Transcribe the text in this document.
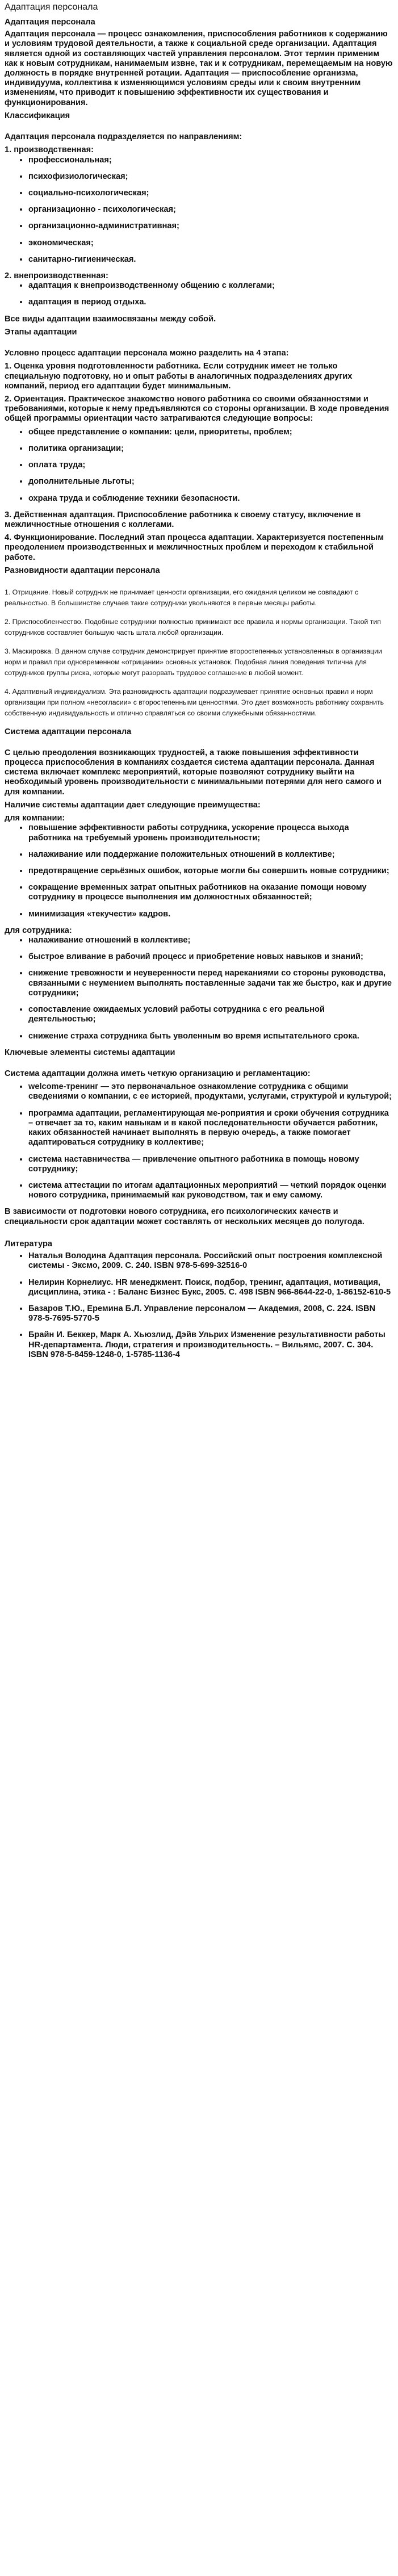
Адаптация персонала
Адаптация персонала

Адаптация персонала — процесс ознакомления, приспособления работников к содержанию и условиям трудовой деятельности, а также к социальной среде организации. Адаптация является одной из составляющих частей управления персоналом. Этот термин применим как к новым сотрудникам, нанимаемым извне, так и к сотрудникам, перемещаемым на новую должность в порядке внутренней ротации. Адаптация — приспособление организма, индивидуума, коллектива к изменяющимся условиям среды или к своим внутренним изменениям, что приводит к повышению эффективности их существования и функционирования.

Классификация

Адаптация персонала подразделяется по направлениям:

1. производственная:
• профессиональная;
• психофизиологическая;
• социально-психологическая;
• организационно - психологическая;
• организационно-административная;
• экономическая;
• санитарно-гигиеническая.
2. внепроизводственная:
• адаптация к внепроизводственному общению с коллегами;
• адаптация в период отдыха.

Все виды адаптации взаимосвязаны между собой.

Этапы адаптации

Условно процесс адаптации персонала можно разделить на 4 этапа:

1. Оценка уровня подготовленности работника. Если сотрудник имеет не только специальную подготовку, но и опыт работы в аналогичных подразделениях других компаний, период его адаптации будет минимальным.

2. Ориентация. Практическое знакомство нового работника со своими обязанностями и требованиями, которые к нему предъявляются со стороны организации. В ходе проведения общей программы ориентации часто затрагиваются следующие вопросы:

• общее представление о компании: цели, приоритеты, проблем;
• политика организации;
• оплата труда;
• дополнительные льготы;
• охрана труда и соблюдение техники безопасности.

3. Действенная адаптация. Приспособление работника к своему статусу, включение в межличностные отношения с коллегами.

4. Функционирование. Последний этап процесса адаптации. Характеризуется постепенным преодолением производственных и межличностных проблем и переходом к стабильной работе.

Разновидности адаптации персонала

1. Отрицание. Новый сотрудник не принимает ценности организации, его ожидания целиком не совпадают с реальностью. В большинстве случаев такие сотрудники увольняются в первые месяцы работы.

2. Приспособленчество. Подобные сотрудники полностью принимают все правила и нормы организации. Такой тип сотрудников составляет большую часть штата любой организации.

3. Маскировка. В данном случае сотрудник демонстрирует принятие второстепенных установленных в организации норм и правил при одновременном «отрицании» основных установок. Подобная линия поведения типична для сотрудников группы риска, которые могут разорвать трудовое соглашение в любой момент.

4. Адаптивный индивидуализм. Эта разновидность адаптации подразумевает принятие основных правил и норм организации при полном «несогласии» с второстепенными ценностями. Это дает возможность работнику сохранить собственную индивидуальность и отлично справляться со своими служебными обязанностями.

Система адаптации персонала

С целью преодоления возникающих трудностей, а также повышения эффективности процесса приспособления в компаниях создается система адаптации персонала. Данная система включает комплекс мероприятий, которые позволяют сотруднику выйти на необходимый уровень производительности с минимальными потерями для него самого и для компании.

Наличие системы адаптации дает следующие преимущества:

для компании:
• повышение эффективности работы сотрудника, ускорение процесса выхода работника на требуемый уровень производительности;
• налаживание или поддержание положительных отношений в коллективе;
• предотвращение серьёзных ошибок, которые могли бы совершить новые сотрудники;
• сокращение временных затрат опытных работников на оказание помощи новому сотруднику в процессе выполнения им должностных обязанностей;
• минимизация «текучести» кадров.
для сотрудника:
• налаживание отношений в коллективе;
• быстрое вливание в рабочий процесс и приобретение новых навыков и знаний;
• снижение тревожности и неуверенности перед нареканиями со стороны руководства, связанными с неумением выполнять поставленные задачи так же быстро, как и другие сотрудники;
• сопоставление ожидаемых условий работы сотрудника с его реальной деятельностью;
• снижение страха сотрудника быть уволенным во время испытательного срока.
Ключевые элементы системы адаптации

Система адаптации должна иметь четкую организацию и регламентацию:

• welcome-тренинг — это первоначальное ознакомление сотрудника с общими сведениями о компании, с ее историей, продуктами, услугами, структурой и культурой;
• программа адаптации, регламентирующая ме-роприятия и сроки обучения сотрудника – отвечает за то, каким навыкам и в какой последовательности обучается работник, каких обязанностей начинает выполнять в первую очередь, а также помогает адаптироваться сотруднику в коллективе;
• система наставничества — привлечение опытного работника в помощь новому сотруднику;
• система аттестации по итогам адаптационных мероприятий — четкий порядок оценки нового сотрудника, принимаемый как руководством, так и ему самому.

В зависимости от подготовки нового сотрудника, его психологических качеств и специальности срок адаптации может составлять от нескольких месяцев до полугода.

Литература
• Наталья Володина Адаптация персонала. Российский опыт построения комплексной системы - Эксмо, 2009. С. 240. ISBN 978-5-699-32516-0
• Нелирин Корнелиус. HR менеджмент. Поиск, подбор, тренинг, адаптация, мотивация, дисциплина, этика - : Баланс Бизнес Букс, 2005. С. 498 ISBN 966-8644-22-0, 1-86152-610-5
• Базаров Т.Ю., Еремина Б.Л. Управление персоналом — Академия, 2008, С. 224. ISBN 978-5-7695-5770-5
• Брайн И. Беккер, Марк А. Хьюзлид, Дэйв Ульрих Изменение результативности работы HR-департамента. Люди, стратегия и производительность. – Вильямс, 2007. С. 304. ISBN 978-5-8459-1248-0, 1-5785-1136-4
